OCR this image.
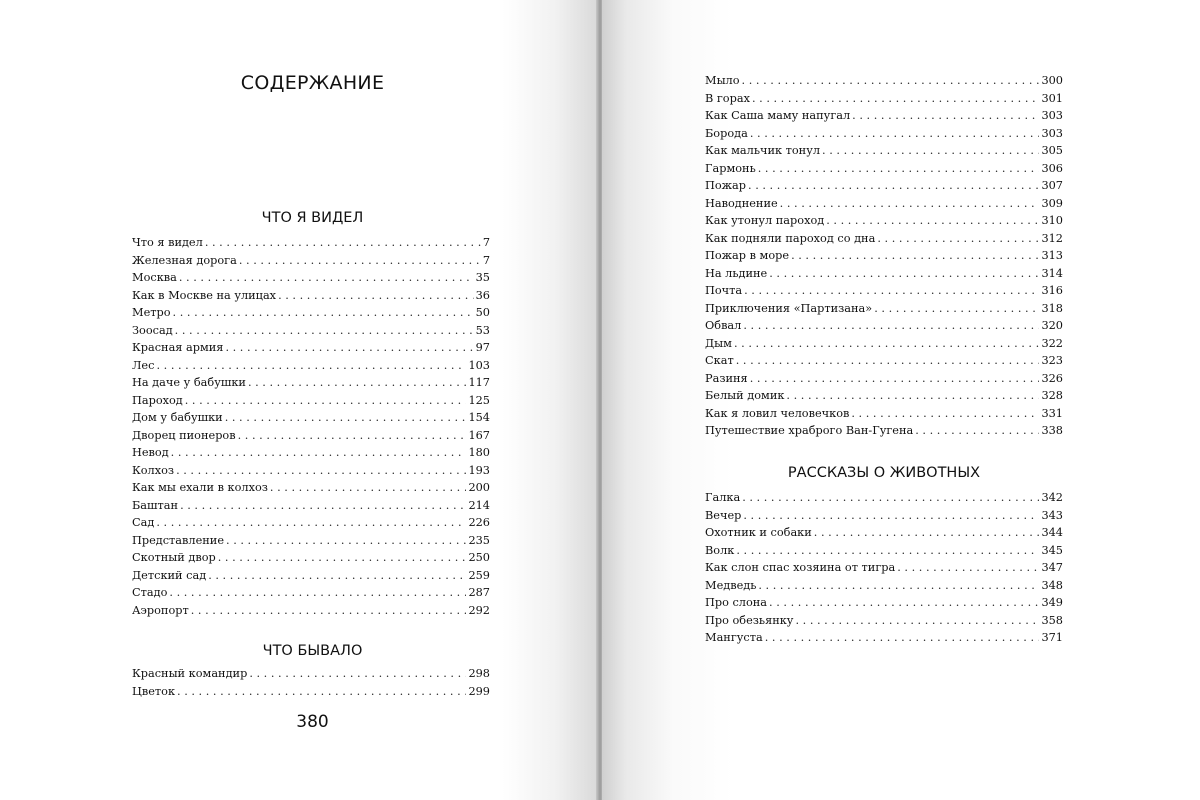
СОДЕРЖАНИЕ
ЧТО Я ВИДЕЛ
Что я видел . . .	7
Железная дорога . . .	7
Москва . . .	35
Как в Москве на улицах . . .	36
Метро . . .	50
Зоосад . . .	53
Красная армия . . .	97
Лес . . .	103
На даче у бабушки . . .	117
Пароход . . .	125
Дом у бабушки . . .	154
Дворец пионеров . . .	167
Невод . . .	180
Колхоз . . .	193
Как мы ехали в колхоз . . .	200
Баштан . . .	214
Сад . . .	226
Представление . . .	235
Скотный двор . . .	250
Детский сад . . .	259
Стадо . . .	287
Аэропорт . . .	292
ЧТО БЫВАЛО
Красный командир . . .	298
Цветок . . .	299
380
Мыло . . .	300
В горах . . .	301
Как Саша маму напугал . . .	303
Борода . . .	303
Как мальчик тонул . . .	305
Гармонь . . .	306
Пожар . . .	307
Наводнение . . .	309
Как утонул пароход . . .	310
Как подняли пароход со дна . . .	312
Пожар в море . . .	313
На льдине . . .	314
Почта . . .	316
Приключения «Партизана» . . .	318
Обвал . . .	320
Дым . . .	322
Скат . . .	323
Разиня . . .	326
Белый домик . . .	328
Как я ловил человечков . . .	331
Путешествие храброго Ван-Гугена . . .	338
РАССКАЗЫ О ЖИВОТНЫХ
Галка . . .	342
Вечер . . .	343
Охотник и собаки . . .	344
Волк . . .	345
Как слон спас хозяина от тигра . . .	347
Медведь . . .	348
Про слона . . .	349
Про обезьянку . . .	358
Мангуста . . .	371
